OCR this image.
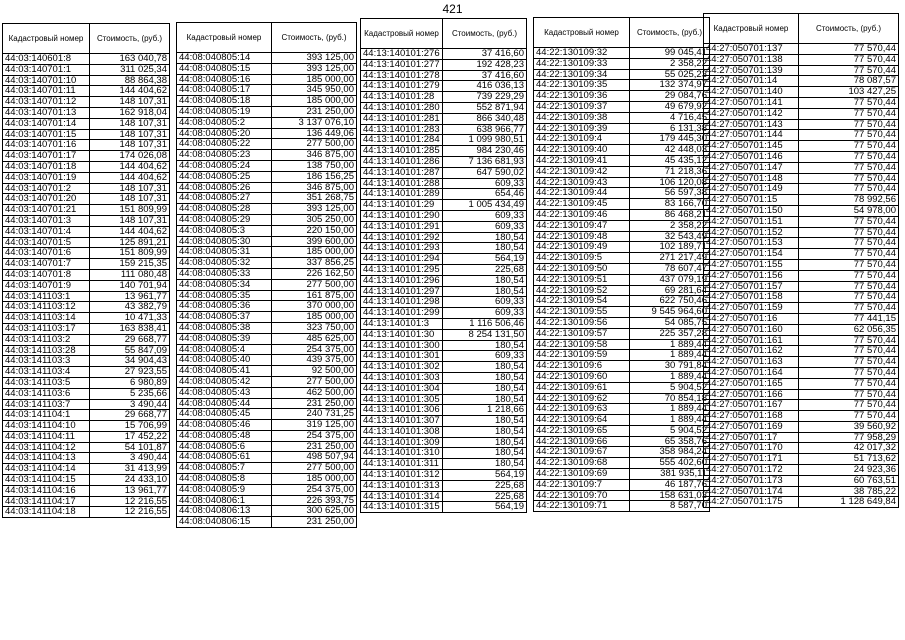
421
Кадастровый номер	Стоимость, (руб.)
44:03:140601:8	163 040,78
44:03:140701:1	311 025,34
44:03:140701:10	88 864,38
44:03:140701:11	144 404,62
44:03:140701:12	148 107,31
44:03:140701:13	162 918,04
44:03:140701:14	148 107,31
44:03:140701:15	148 107,31
44:03:140701:16	148 107,31
44:03:140701:17	174 026,08
44:03:140701:18	144 404,62
44:03:140701:19	144 404,62
44:03:140701:2	148 107,31
44:03:140701:20	148 107,31
44:03:140701:21	151 809,99
44:03:140701:3	148 107,31
44:03:140701:4	144 404,62
44:03:140701:5	125 891,21
44:03:140701:6	151 809,99
44:03:140701:7	159 215,35
44:03:140701:8	111 080,48
44:03:140701:9	140 701,94
44:03:141103:1	13 961,77
44:03:141103:12	43 382,79
44:03:141103:14	10 471,33
44:03:141103:17	163 838,41
44:03:141103:2	29 668,77
44:03:141103:28	55 847,09
44:03:141103:3	34 904,43
44:03:141103:4	27 923,55
44:03:141103:5	6 980,89
44:03:141103:6	5 235,66
44:03:141103:7	3 490,44
44:03:141104:1	29 668,77
44:03:141104:10	15 706,99
44:03:141104:11	17 452,22
44:03:141104:12	54 101,87
44:03:141104:13	3 490,44
44:03:141104:14	31 413,99
44:03:141104:15	24 433,10
44:03:141104:16	13 961,77
44:03:141104:17	12 216,55
44:03:141104:18	12 216,55
Кадастровый номер	Стоимость, (руб.)
44:08:040805:14	393 125,00
44:08:040805:15	393 125,00
44:08:040805:16	185 000,00
44:08:040805:17	345 950,00
44:08:040805:18	185 000,00
44:08:040805:19	231 250,00
44:08:040805:2	3 137 076,10
44:08:040805:20	136 449,06
44:08:040805:22	277 500,00
44:08:040805:23	346 875,00
44:08:040805:24	138 750,00
44:08:040805:25	186 156,25
44:08:040805:26	346 875,00
44:08:040805:27	351 268,75
44:08:040805:28	393 125,00
44:08:040805:29	305 250,00
44:08:040805:3	220 150,00
44:08:040805:30	399 600,00
44:08:040805:31	185 000,00
44:08:040805:32	337 856,25
44:08:040805:33	226 162,50
44:08:040805:34	277 500,00
44:08:040805:35	161 875,00
44:08:040805:36	370 000,00
44:08:040805:37	185 000,00
44:08:040805:38	323 750,00
44:08:040805:39	485 625,00
44:08:040805:4	254 375,00
44:08:040805:40	439 375,00
44:08:040805:41	92 500,00
44:08:040805:42	277 500,00
44:08:040805:43	462 500,00
44:08:040805:44	231 250,00
44:08:040805:45	240 731,25
44:08:040805:46	319 125,00
44:08:040805:48	254 375,00
44:08:040805:6	231 250,00
44:08:040805:61	498 507,94
44:08:040805:7	277 500,00
44:08:040805:8	185 000,00
44:08:040805:9	254 375,00
44:08:040806:1	226 393,75
44:08:040806:13	300 625,00
44:08:040806:15	231 250,00
Кадастровый номер	Стоимость, (руб.)
44:13:140101:276	37 416,60
44:13:140101:277	192 428,23
44:13:140101:278	37 416,60
44:13:140101:279	416 036,13
44:13:140101:28	739 229,29
44:13:140101:280	552 871,94
44:13:140101:281	866 340,48
44:13:140101:283	638 966,77
44:13:140101:284	1 099 980,51
44:13:140101:285	984 230,46
44:13:140101:286	7 136 681,93
44:13:140101:287	647 590,02
44:13:140101:288	609,33
44:13:140101:289	654,46
44:13:140101:29	1 005 434,49
44:13:140101:290	609,33
44:13:140101:291	609,33
44:13:140101:292	180,54
44:13:140101:293	180,54
44:13:140101:294	564,19
44:13:140101:295	225,68
44:13:140101:296	180,54
44:13:140101:297	180,54
44:13:140101:298	609,33
44:13:140101:299	609,33
44:13:140101:3	1 116 506,46
44:13:140101:30	8 254 131,50
44:13:140101:300	180,54
44:13:140101:301	609,33
44:13:140101:302	180,54
44:13:140101:303	180,54
44:13:140101:304	180,54
44:13:140101:305	180,54
44:13:140101:306	1 218,66
44:13:140101:307	180,54
44:13:140101:308	180,54
44:13:140101:309	180,54
44:13:140101:310	180,54
44:13:140101:311	180,54
44:13:140101:312	564,19
44:13:140101:313	225,68
44:13:140101:314	225,68
44:13:140101:315	564,19
Кадастровый номер	Стоимость, (руб.)
44:22:130109:32	99 045,41
44:22:130109:33	2 358,22
44:22:130109:34	55 025,23
44:22:130109:35	132 374,97
44:22:130109:36	29 084,76
44:22:130109:37	49 679,92
44:22:130109:38	4 716,45
44:22:130109:39	6 131,38
44:22:130109:4	179 445,30
44:22:130109:40	42 448,03
44:22:130109:41	45 435,12
44:22:130109:42	71 218,36
44:22:130109:43	106 120,08
44:22:130109:44	56 597,38
44:22:130109:45	83 166,70
44:22:130109:46	86 468,21
44:22:130109:47	2 358,22
44:22:130109:48	32 543,49
44:22:130109:49	102 189,71
44:22:130109:5	271 217,49
44:22:130109:50	78 607,47
44:22:130109:51	437 079,19
44:22:130109:52	69 281,64
44:22:130109:54	622 750,46
44:22:130109:55	9 545 964,60
44:22:130109:56	54 085,75
44:22:130109:57	225 357,28
44:22:130109:58	1 889,44
44:22:130109:59	1 889,44
44:22:130109:6	30 791,84
44:22:130109:60	1 889,44
44:22:130109:61	5 904,52
44:22:130109:62	70 854,18
44:22:130109:63	1 889,44
44:22:130109:64	1 889,44
44:22:130109:65	5 904,52
44:22:130109:66	65 358,76
44:22:130109:67	358 984,24
44:22:130109:68	555 402,60
44:22:130109:69	381 935,11
44:22:130109:7	46 187,76
44:22:130109:70	158 631,03
44:22:130109:71	8 587,70
Кадастровый номер	Стоимость, (руб.)
44:27:050701:137	77 570,44
44:27:050701:138	77 570,44
44:27:050701:139	77 570,44
44:27:050701:14	78 087,57
44:27:050701:140	103 427,25
44:27:050701:141	77 570,44
44:27:050701:142	77 570,44
44:27:050701:143	77 570,44
44:27:050701:144	77 570,44
44:27:050701:145	77 570,44
44:27:050701:146	77 570,44
44:27:050701:147	77 570,44
44:27:050701:148	77 570,44
44:27:050701:149	77 570,44
44:27:050701:15	78 992,56
44:27:050701:150	54 978,00
44:27:050701:151	77 570,44
44:27:050701:152	77 570,44
44:27:050701:153	77 570,44
44:27:050701:154	77 570,44
44:27:050701:155	77 570,44
44:27:050701:156	77 570,44
44:27:050701:157	77 570,44
44:27:050701:158	77 570,44
44:27:050701:159	77 570,44
44:27:050701:16	77 441,15
44:27:050701:160	62 056,35
44:27:050701:161	77 570,44
44:27:050701:162	77 570,44
44:27:050701:163	77 570,44
44:27:050701:164	77 570,44
44:27:050701:165	77 570,44
44:27:050701:166	77 570,44
44:27:050701:167	77 570,44
44:27:050701:168	77 570,44
44:27:050701:169	39 560,92
44:27:050701:17	77 958,29
44:27:050701:170	42 017,32
44:27:050701:171	51 713,62
44:27:050701:172	24 923,36
44:27:050701:173	60 763,51
44:27:050701:174	38 785,22
44:27:050701:175	1 128 649,84
